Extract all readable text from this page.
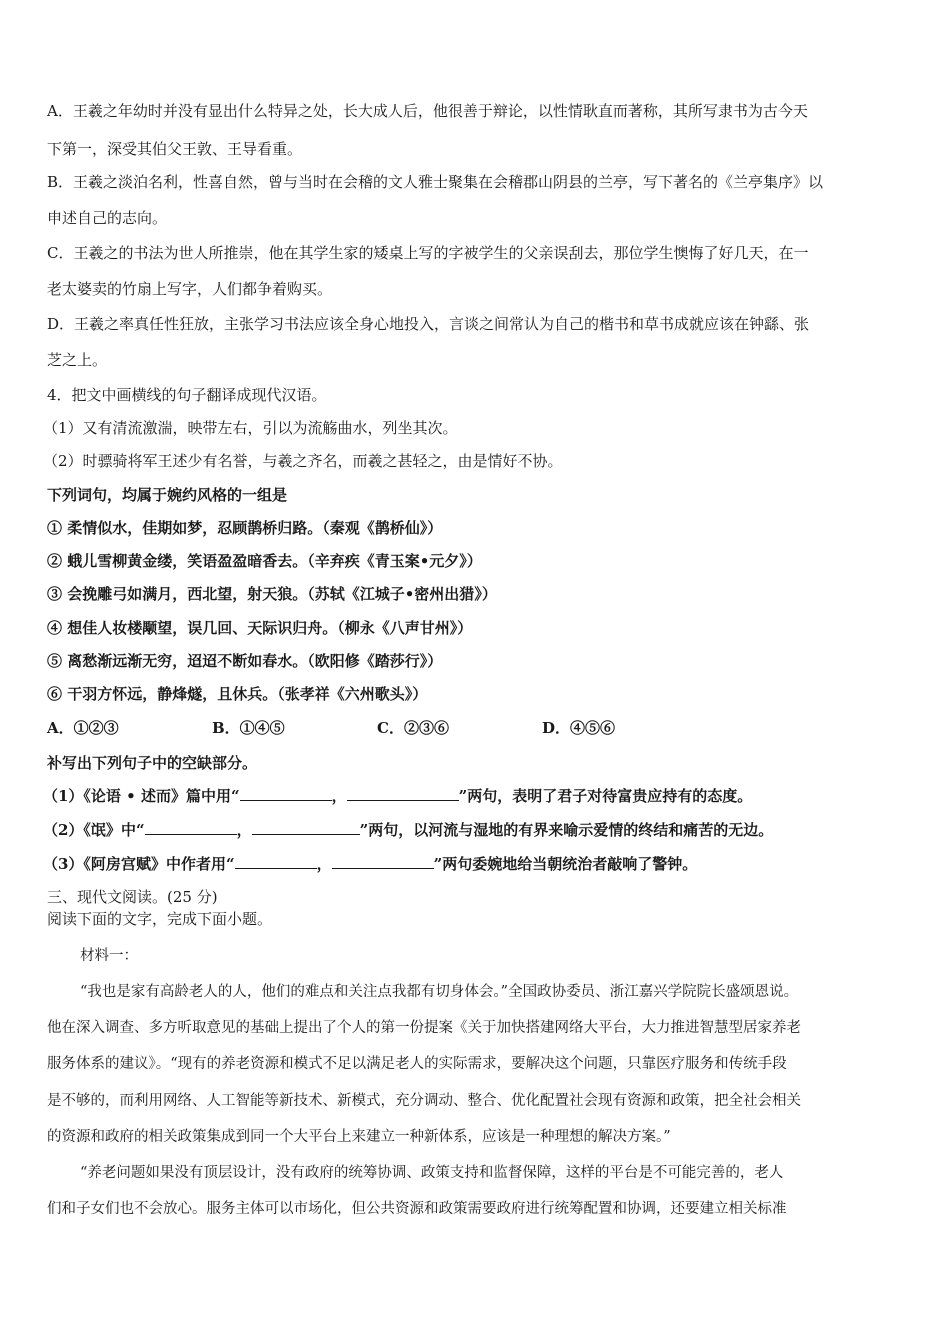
A．王羲之年幼时并没有显出什么特异之处，长大成人后，他很善于辩论，以性情耿直而著称，其所写隶书为古今天
下第一，深受其伯父王敦、王导看重。
B．王羲之淡泊名利，性喜自然，曾与当时在会稽的文人雅士聚集在会稽郡山阴县的兰亭，写下著名的《兰亭集序》以
申述自己的志向。
C．王羲之的书法为世人所推崇，他在其学生家的矮桌上写的字被学生的父亲误刮去，那位学生懊悔了好几天，在一
老太婆卖的竹扇上写字，人们都争着购买。
D．王羲之率真任性狂放，主张学习书法应该全身心地投入，言谈之间常认为自己的楷书和草书成就应该在钟繇、张
芝之上。
4．把文中画横线的句子翻译成现代汉语。
（1）又有清流激湍，映带左右，引以为流觞曲水，列坐其次。
（2）时骠骑将军王述少有名誉，与羲之齐名，而羲之甚轻之，由是情好不协。
下列词句，均属于婉约风格的一组是
① 柔情似水，佳期如梦，忍顾鹊桥归路。（秦观《鹊桥仙》）
② 蛾儿雪柳黄金缕，笑语盈盈暗香去。（辛弃疾《青玉案•元夕》）
③ 会挽雕弓如满月，西北望，射天狼。（苏轼《江城子•密州出猎》）
④ 想佳人妆楼颙望，误几回、天际识归舟。（柳永《八声甘州》）
⑤ 离愁渐远渐无穷，迢迢不断如春水。（欧阳修《踏莎行》）
⑥ 干羽方怀远，静烽燧，且休兵。（张孝祥《六州歌头》）
A．①②③	B．①④⑤	C．②③⑥	D．④⑤⑥
补写出下列句子中的空缺部分。
（1）《论语 • 述而》篇中用“	，	”两句，表明了君子对待富贵应持有的态度。
（2）《氓》中“	，	”两句，以河流与湿地的有界来喻示爱情的终结和痛苦的无边。
（3）《阿房宫赋》中作者用“	，	”两句委婉地给当朝统治者敲响了警钟。
三、现代文阅读。(25 分)
阅读下面的文字，完成下面小题。
材料一：
“我也是家有高龄老人的人，他们的难点和关注点我都有切身体会。”全国政协委员、浙江嘉兴学院院长盛颂恩说。
他在深入调查、多方听取意见的基础上提出了个人的第一份提案《关于加快搭建网络大平台，大力推进智慧型居家养老
服务体系的建议》。“现有的养老资源和模式不足以满足老人的实际需求，要解决这个问题，只靠医疗服务和传统手段
是不够的，而利用网络、人工智能等新技术、新模式，充分调动、整合、优化配置社会现有资源和政策，把全社会相关
的资源和政府的相关政策集成到同一个大平台上来建立一种新体系，应该是一种理想的解决方案。”
“养老问题如果没有顶层设计，没有政府的统筹协调、政策支持和监督保障，这样的平台是不可能完善的，老人
们和子女们也不会放心。服务主体可以市场化，但公共资源和政策需要政府进行统筹配置和协调，还要建立相关标准
